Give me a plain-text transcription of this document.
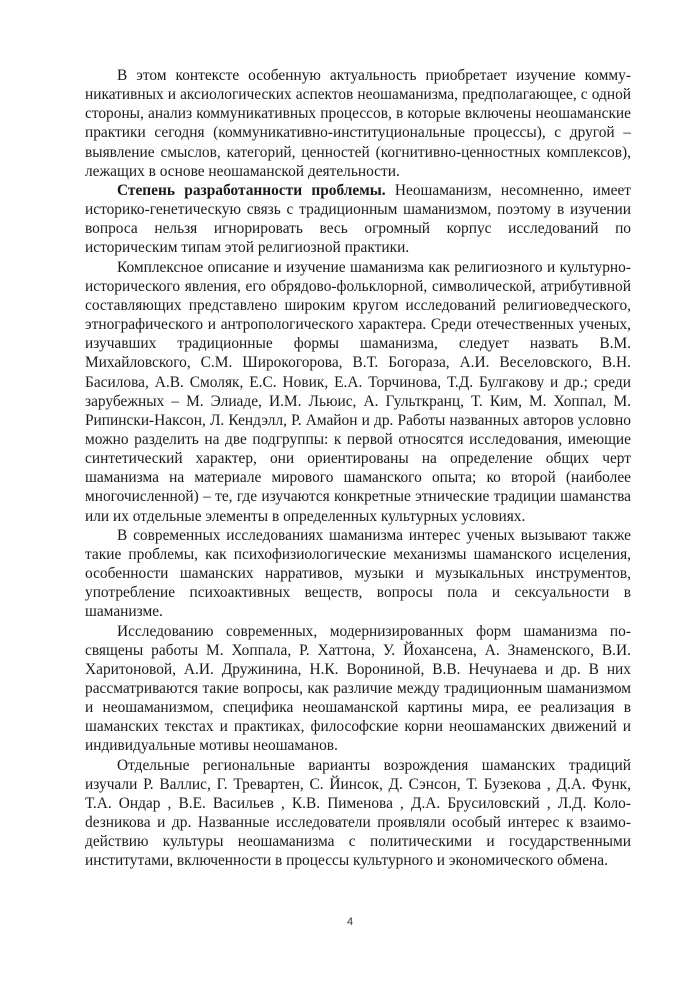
В этом контексте особенную актуальность приобретает изучение коммуникативных и аксиологических аспектов неошаманизма, предполагающее, с одной стороны, анализ коммуникативных процессов, в которые включены неошаманские практики сегодня (коммуникативно-институциональные процессы), с другой – выявление смыслов, категорий, ценностей (когнитивно-ценностных комплексов), лежащих в основе неошаманской деятельности.

Степень разработанности проблемы. Неошаманизм, несомненно, имеет историко-генетическую связь с традиционным шаманизмом, поэтому в изучении вопроса нельзя игнорировать весь огромный корпус исследований по историческим типам этой религиозной практики.

Комплексное описание и изучение шаманизма как религиозного и культурно-исторического явления, его обрядово-фольклорной, символической, атрибутивной составляющих представлено широким кругом исследований религиоведческого, этнографического и антропологического характера. Среди отечественных ученых, изучавших традиционные формы шаманизма, следует назвать В.М. Михайловского, С.М. Широкогорова, В.Т. Богораза, А.И. Веселовского, В.Н. Басилова, А.В. Смоляк, Е.С. Новик, Е.А. Торчинова, Т.Д. Булгакову и др.; среди зарубежных – М. Элиаде, И.М. Льюис, А. Гульткранц, Т. Ким, М. Хоппал, М. Рипински-Наксон, Л. Кендэлл, Р. Амайон и др. Работы названных авторов условно можно разделить на две подгруппы: к первой относятся исследования, имеющие синтетический характер, они ориентированы на определение общих черт шаманизма на материале мирового шаманского опыта; ко второй (наиболее многочисленной) – те, где изучаются конкретные этнические традиции шаманства или их отдельные элементы в определенных культурных условиях.

В современных исследованиях шаманизма интерес ученых вызывают также такие проблемы, как психофизиологические механизмы шаманского исцеления, особенности шаманских нарративов, музыки и музыкальных инструментов, употребление психоактивных веществ, вопросы пола и сексуальности в шаманизме.

Исследованию современных, модернизированных форм шаманизма посвящены работы М. Хоппала, Р. Хаттона, У. Йохансена, А. Знаменского, В.И. Харитоновой, А.И. Дружинина, Н.К. Ворониной, В.В. Нечунаева и др. В них рассматриваются такие вопросы, как различие между традиционным шаманизмом и неошаманизмом, специфика неошаманской картины мира, ее реализация в шаманских текстах и практиках, философские корни неошаманских движений и индивидуальные мотивы неошаманов.

Отдельные региональные варианты возрождения шаманских традиций изучали Р. Валлис, Г. Тревартен, С. Йинсок, Д. Сэнсон, Т. Бузекова , Д.А. Функ, Т.А. Ондар , В.Е. Васильев , К.В. Пименова , Д.А. Брусиловский , Л.Д. Колоdезникова и др. Названные исследователи проявляли особый интерес к взаимодействию культуры неошаманизма с политическими и государственными институтами, включенности в процессы культурного и экономического обмена.

4
